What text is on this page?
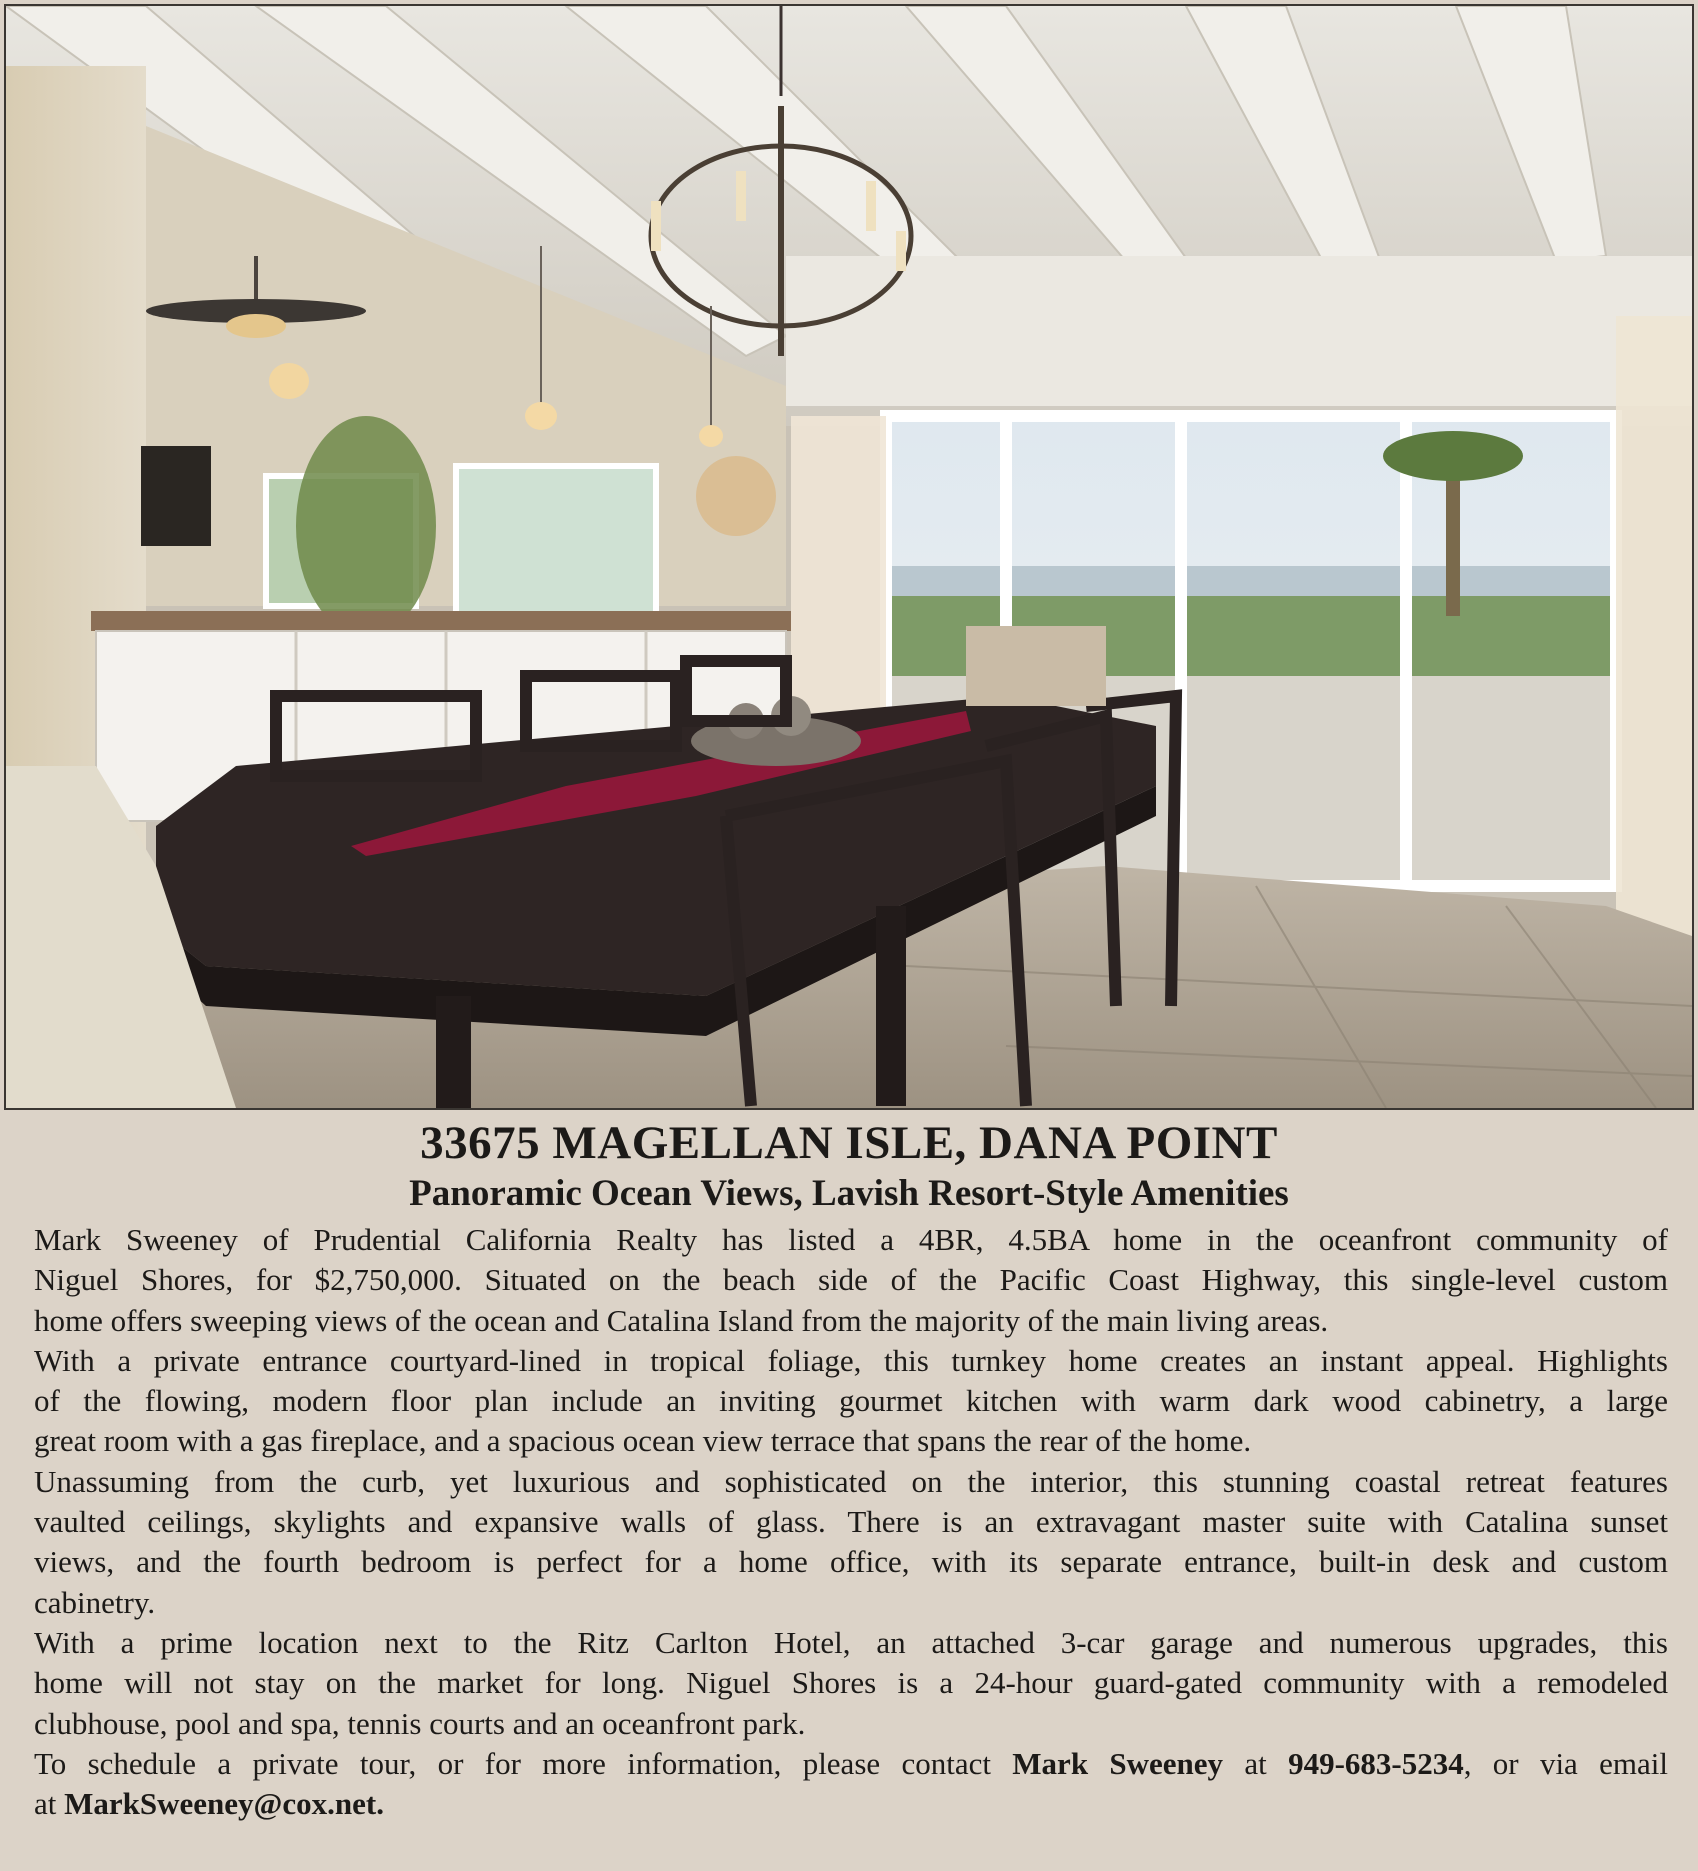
33675 MAGELLAN ISLE, DANA POINT
Panoramic Ocean Views, Lavish Resort-Style Amenities

Mark Sweeney of Prudential California Realty has listed a 4BR, 4.5BA home in the oceanfront community of
Niguel Shores, for $2,750,000. Situated on the beach side of the Pacific Coast Highway, this single-level custom
home offers sweeping views of the ocean and Catalina Island from the majority of the main living areas.

With a private entrance courtyard-lined in tropical foliage, this turnkey home creates an instant appeal. Highlights
of the flowing, modern floor plan include an inviting gourmet kitchen with warm dark wood cabinetry, a large
great room with a gas fireplace, and a spacious ocean view terrace that spans the rear of the home.

Unassuming from the curb, yet luxurious and sophisticated on the interior, this stunning coastal retreat features
vaulted ceilings, skylights and expansive walls of glass. There is an extravagant master suite with Catalina sunset
views, and the fourth bedroom is perfect for a home office, with its separate entrance, built-in desk and custom
cabinetry.

With a prime location next to the Ritz Carlton Hotel, an attached 3-car garage and numerous upgrades, this
home will not stay on the market for long. Niguel Shores is a 24-hour guard-gated community with a remodeled
clubhouse, pool and spa, tennis courts and an oceanfront park.

To schedule a private tour, or for more information, please contact Mark Sweeney at 949-683-5234, or via email
at MarkSweeney@cox.net.
